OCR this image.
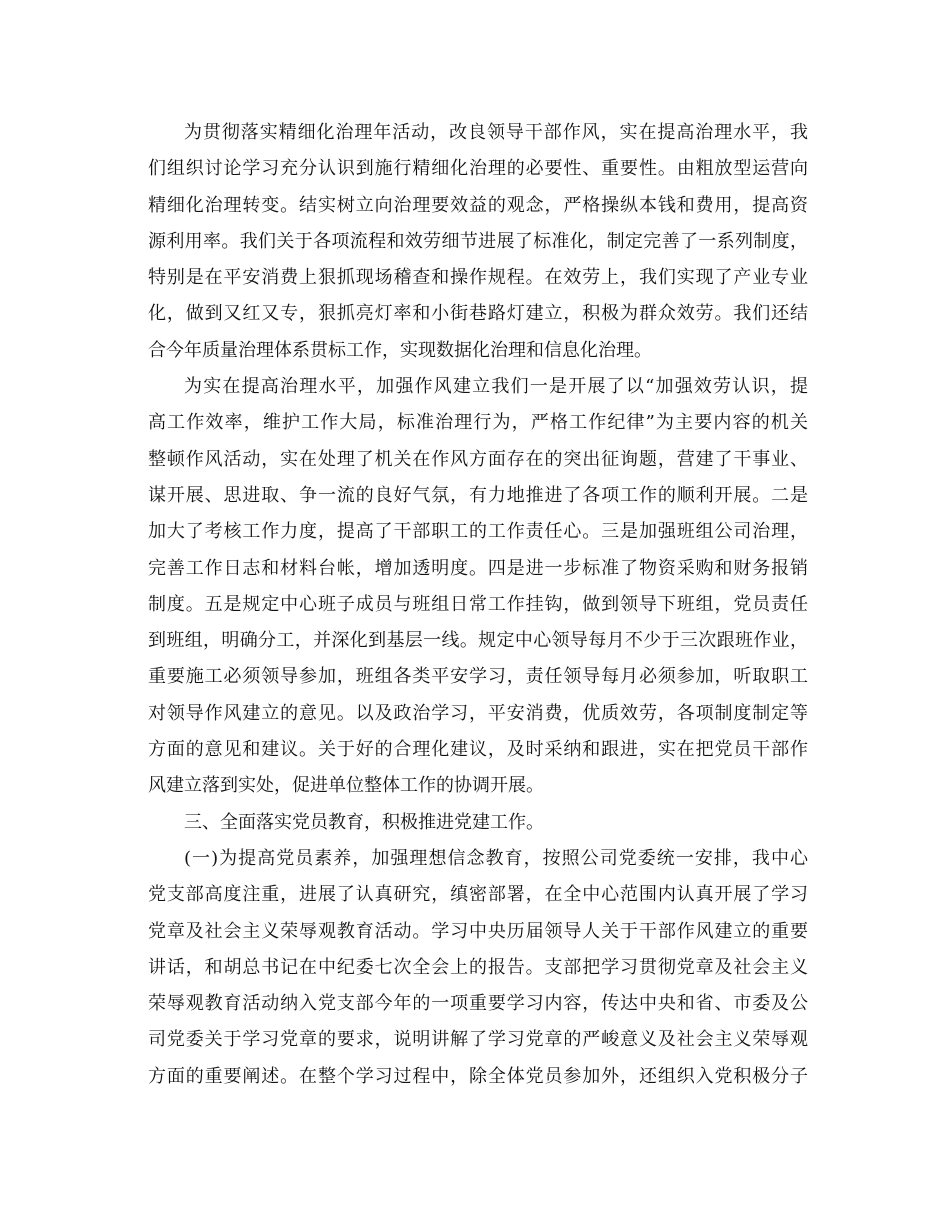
为贯彻落实精细化治理年活动，改良领导干部作风，实在提高治理水平，我
们组织讨论学习充分认识到施行精细化治理的必要性、重要性。由粗放型运营向
精细化治理转变。结实树立向治理要效益的观念，严格操纵本钱和费用，提高资
源利用率。我们关于各项流程和效劳细节进展了标准化，制定完善了一系列制度，
特别是在平安消费上狠抓现场稽查和操作规程。在效劳上，我们实现了产业专业
化，做到又红又专，狠抓亮灯率和小街巷路灯建立，积极为群众效劳。我们还结
合今年质量治理体系贯标工作，实现数据化治理和信息化治理。
为实在提高治理水平，加强作风建立我们一是开展了以“加强效劳认识，提
高工作效率，维护工作大局，标准治理行为，严格工作纪律”为主要内容的机关
整顿作风活动，实在处理了机关在作风方面存在的突出征询题，营建了干事业、
谋开展、思进取、争一流的良好气氛，有力地推进了各项工作的顺利开展。二是
加大了考核工作力度，提高了干部职工的工作责任心。三是加强班组公司治理，
完善工作日志和材料台帐，增加透明度。四是进一步标准了物资采购和财务报销
制度。五是规定中心班子成员与班组日常工作挂钩，做到领导下班组，党员责任
到班组，明确分工，并深化到基层一线。规定中心领导每月不少于三次跟班作业，
重要施工必须领导参加，班组各类平安学习，责任领导每月必须参加，听取职工
对领导作风建立的意见。以及政治学习，平安消费，优质效劳，各项制度制定等
方面的意见和建议。关于好的合理化建议，及时采纳和跟进，实在把党员干部作
风建立落到实处，促进单位整体工作的协调开展。
三、全面落实党员教育，积极推进党建工作。
(一)为提高党员素养，加强理想信念教育，按照公司党委统一安排，我中心
党支部高度注重，进展了认真研究，缜密部署，在全中心范围内认真开展了学习
党章及社会主义荣辱观教育活动。学习中央历届领导人关于干部作风建立的重要
讲话，和胡总书记在中纪委七次全会上的报告。支部把学习贯彻党章及社会主义
荣辱观教育活动纳入党支部今年的一项重要学习内容，传达中央和省、市委及公
司党委关于学习党章的要求，说明讲解了学习党章的严峻意义及社会主义荣辱观
方面的重要阐述。在整个学习过程中，除全体党员参加外，还组织入党积极分子
